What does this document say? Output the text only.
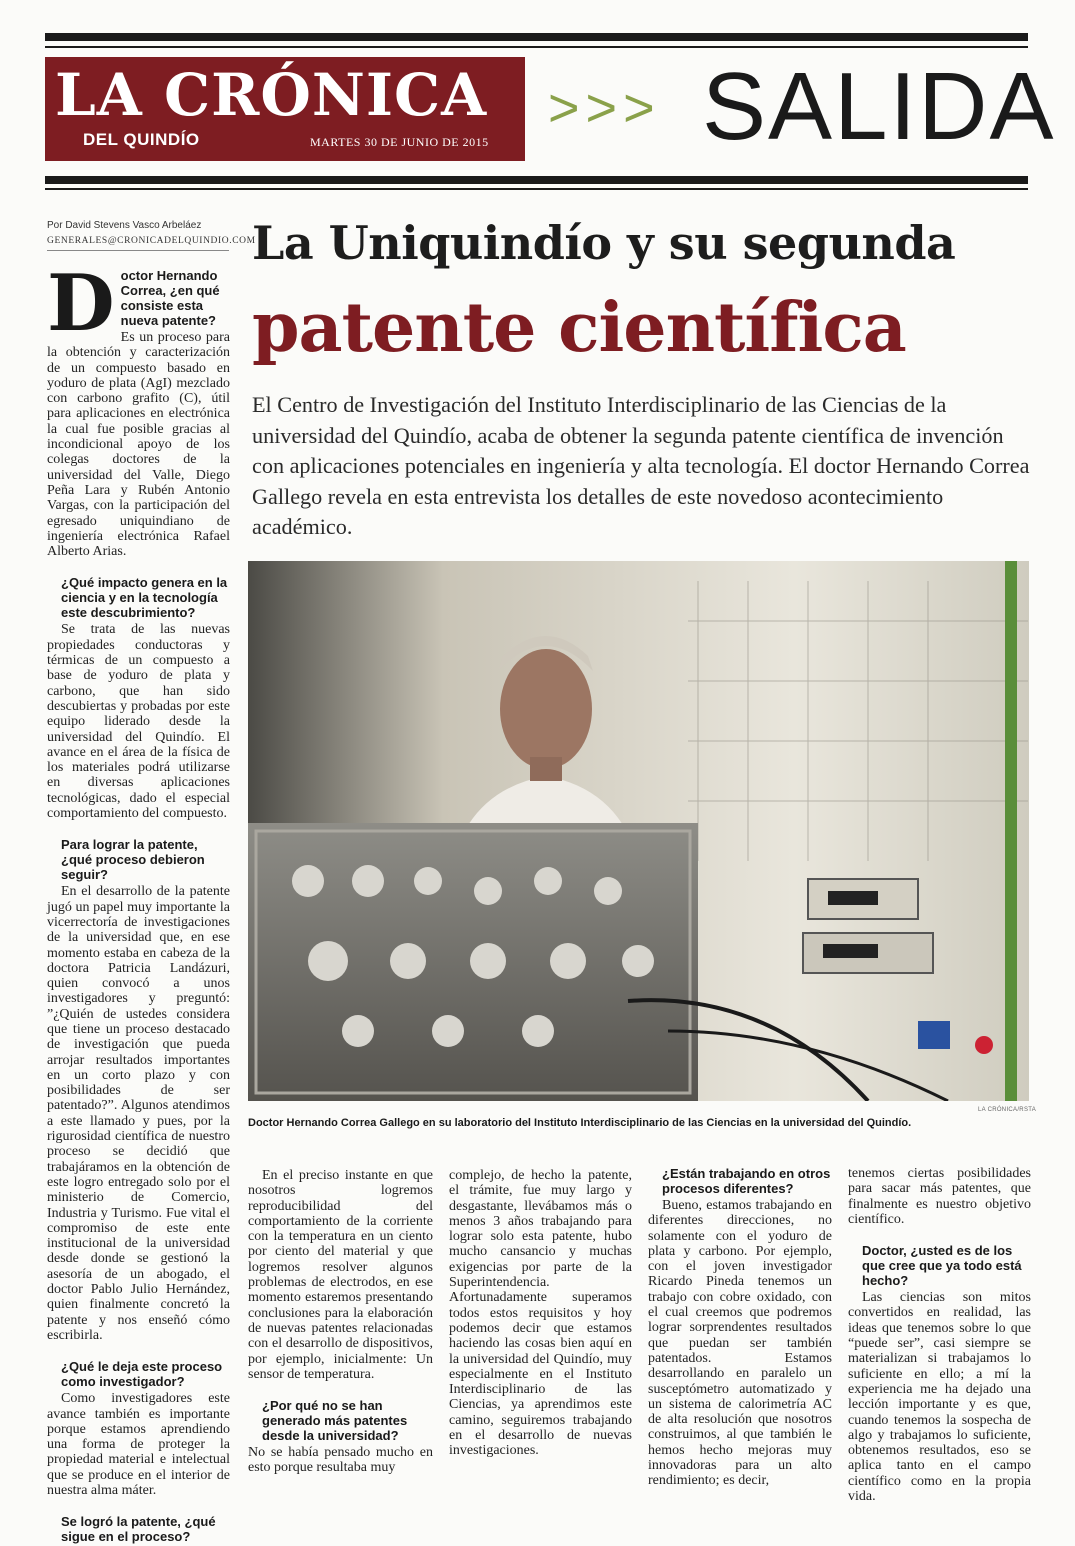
LA CRÓNICA
DEL QUINDÍO	MARTES 30 DE JUNIO DE 2015
>>> SALIDA
Por David Stevens Vasco Arbeláez
GENERALES@CRONICADELQUINDIO.COM
La Uniquindío y su segunda
patente científica
El Centro de Investigación del Instituto Interdisciplinario de las Ciencias de la universidad del Quindío, acaba de obtener la segunda patente científica de invención con aplicaciones potenciales en ingeniería y alta tecnología. El doctor Hernando Correa Gallego revela en esta entrevista los detalles de este novedoso acontecimiento académico.
LA CRÓNICA/RSTA
Doctor Hernando Correa Gallego en su laboratorio del Instituto Interdisciplinario de las Ciencias en la universidad del Quindío.
D octor Hernando Correa, ¿en qué consiste esta nueva patente?

Es un proceso para la obtención y caracterización de un compuesto basado en yoduro de plata (AgI) mezclado con carbono grafito (C), útil para aplicaciones en electrónica la cual fue posible gracias al incondicional apoyo de los colegas doctores de la universidad del Valle, Diego Peña Lara y Rubén Antonio Vargas, con la participación del egresado uniquindiano de ingeniería electrónica Rafael Alberto Arias.

¿Qué impacto genera en la ciencia y en la tecnología este descubrimiento?

Se trata de las nuevas propiedades conductoras y térmicas de un compuesto a base de yoduro de plata y carbono, que han sido descubiertas y probadas por este equipo liderado desde la universidad del Quindío. El avance en el área de la física de los materiales podrá utilizarse en diversas aplicaciones tecnológicas, dado el especial comportamiento del compuesto.

Para lograr la patente, ¿qué proceso debieron seguir?

En el desarrollo de la patente jugó un papel muy importante la vicerrectoría de investigaciones de la universidad que, en ese momento estaba en cabeza de la doctora Patricia Landázuri, quien convocó a unos investigadores y preguntó: ”¿Quién de ustedes considera que tiene un proceso destacado de investigación que pueda arrojar resultados importantes en un corto plazo y con posibilidades de ser patentado?”. Algunos atendimos a este llamado y pues, por la rigurosidad científica de nuestro proceso se decidió que trabajáramos en la obtención de este logro entregado solo por el ministerio de Comercio, Industria y Turismo. Fue vital el compromiso de este ente institucional de la universidad desde donde se gestionó la asesoría de un abogado, el doctor Pablo Julio Hernández, quien finalmente concretó la patente y nos enseñó cómo escribirla.

¿Qué le deja este proceso como investigador?

Como investigadores este avance también es importante porque estamos aprendiendo una forma de proteger la propiedad material e intelectual que se produce en el interior de nuestra alma máter.

Se logró la patente, ¿qué sigue en el proceso?

En el preciso instante en que nosotros logremos reproducibilidad del comportamiento de la corriente con la temperatura en un ciento por ciento del material y que logremos resolver algunos problemas de electrodos, en ese momento estaremos presentando conclusiones para la elaboración de nuevas patentes relacionadas con el desarrollo de dispositivos, por ejemplo, inicialmente: Un sensor de temperatura.

¿Por qué no se han generado más patentes desde la universidad?

No se había pensado mucho en esto porque resultaba muy

complejo, de hecho la patente, el trámite, fue muy largo y desgastante, llevábamos más o menos 3 años trabajando para lograr solo esta patente, hubo mucho cansancio y muchas exigencias por parte de la Superintendencia. Afortunadamente superamos todos estos requisitos y hoy podemos decir que estamos haciendo las cosas bien aquí en la universidad del Quindío, muy especialmente en el Instituto Interdisciplinario de las Ciencias, ya aprendimos este camino, seguiremos trabajando en el desarrollo de nuevas investigaciones.

¿Están trabajando en otros procesos diferentes?

Bueno, estamos trabajando en diferentes direcciones, no solamente con el yoduro de plata y carbono. Por ejemplo, con el joven investigador Ricardo Pineda tenemos un trabajo con cobre oxidado, con el cual creemos que podremos lograr sorprendentes resultados que puedan ser también patentados. Estamos desarrollando en paralelo un susceptómetro automatizado y un sistema de calorimetría AC de alta resolución que nosotros construimos, al que también le hemos hecho mejoras muy innovadoras para un alto rendimiento; es decir,

tenemos ciertas posibilidades para sacar más patentes, que finalmente es nuestro objetivo científico.

Doctor, ¿usted es de los que cree que ya todo está hecho?

Las ciencias son mitos convertidos en realidad, las ideas que tenemos sobre lo que “puede ser”, casi siempre se materializan si trabajamos lo suficiente en ello; a mí la experiencia me ha dejado una lección importante y es que, cuando tenemos la sospecha de algo y trabajamos lo suficiente, obtenemos resultados, eso se aplica tanto en el campo científico como en la propia vida.
